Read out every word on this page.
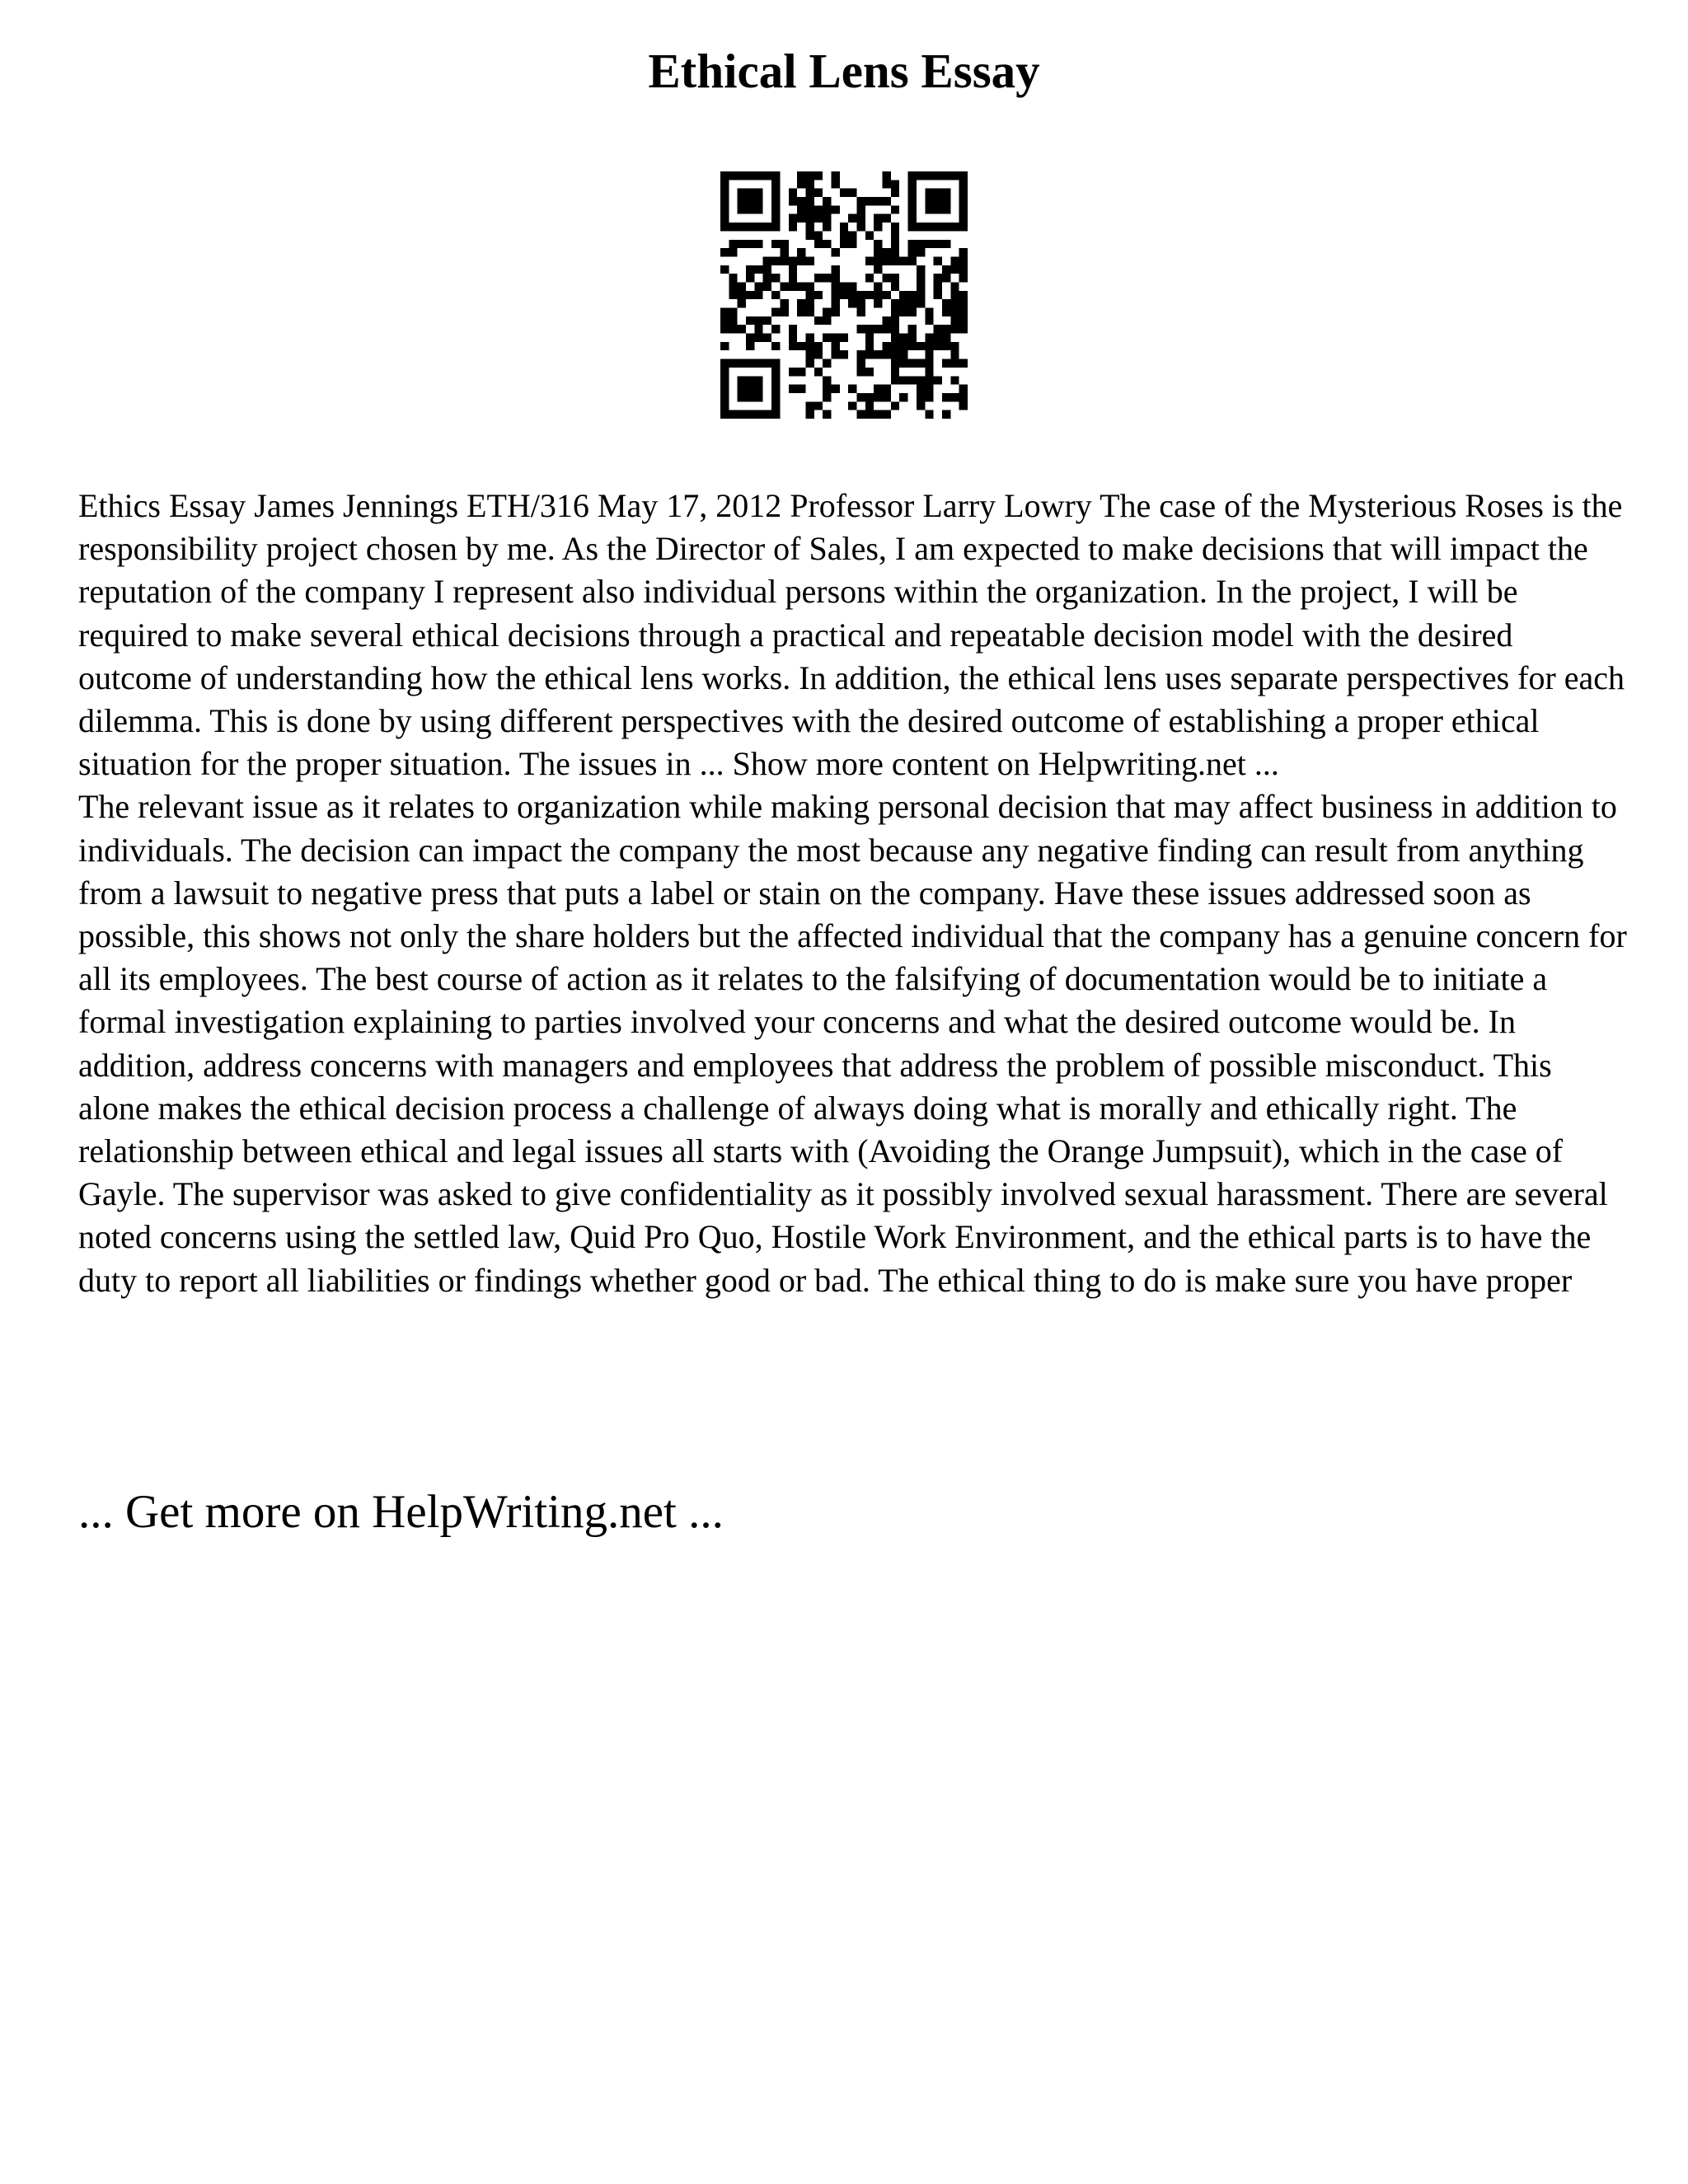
Ethical Lens Essay

Ethics Essay James Jennings ETH/316 May 17, 2012 Professor Larry Lowry The case of the Mysterious Roses is the responsibility project chosen by me. As the Director of Sales, I am expected to make decisions that will impact the reputation of the company I represent also individual persons within the organization. In the project, I will be required to make several ethical decisions through a practical and repeatable decision model with the desired outcome of understanding how the ethical lens works. In addition, the ethical lens uses separate perspectives for each dilemma. This is done by using different perspectives with the desired outcome of establishing a proper ethical situation for the proper situation. The issues in ... Show more content on Helpwriting.net ...

The relevant issue as it relates to organization while making personal decision that may affect business in addition to individuals. The decision can impact the company the most because any negative finding can result from anything from a lawsuit to negative press that puts a label or stain on the company. Have these issues addressed soon as possible, this shows not only the share holders but the affected individual that the company has a genuine concern for all its employees. The best course of action as it relates to the falsifying of documentation would be to initiate a formal investigation explaining to parties involved your concerns and what the desired outcome would be. In addition, address concerns with managers and employees that address the problem of possible misconduct. This alone makes the ethical decision process a challenge of always doing what is morally and ethically right. The relationship between ethical and legal issues all starts with (Avoiding the Orange Jumpsuit), which in the case of Gayle. The supervisor was asked to give confidentiality as it possibly involved sexual harassment. There are several noted concerns using the settled law, Quid Pro Quo, Hostile Work Environment, and the ethical parts is to have the duty to report all liabilities or findings whether good or bad. The ethical thing to do is make sure you have proper

... Get more on HelpWriting.net ...
